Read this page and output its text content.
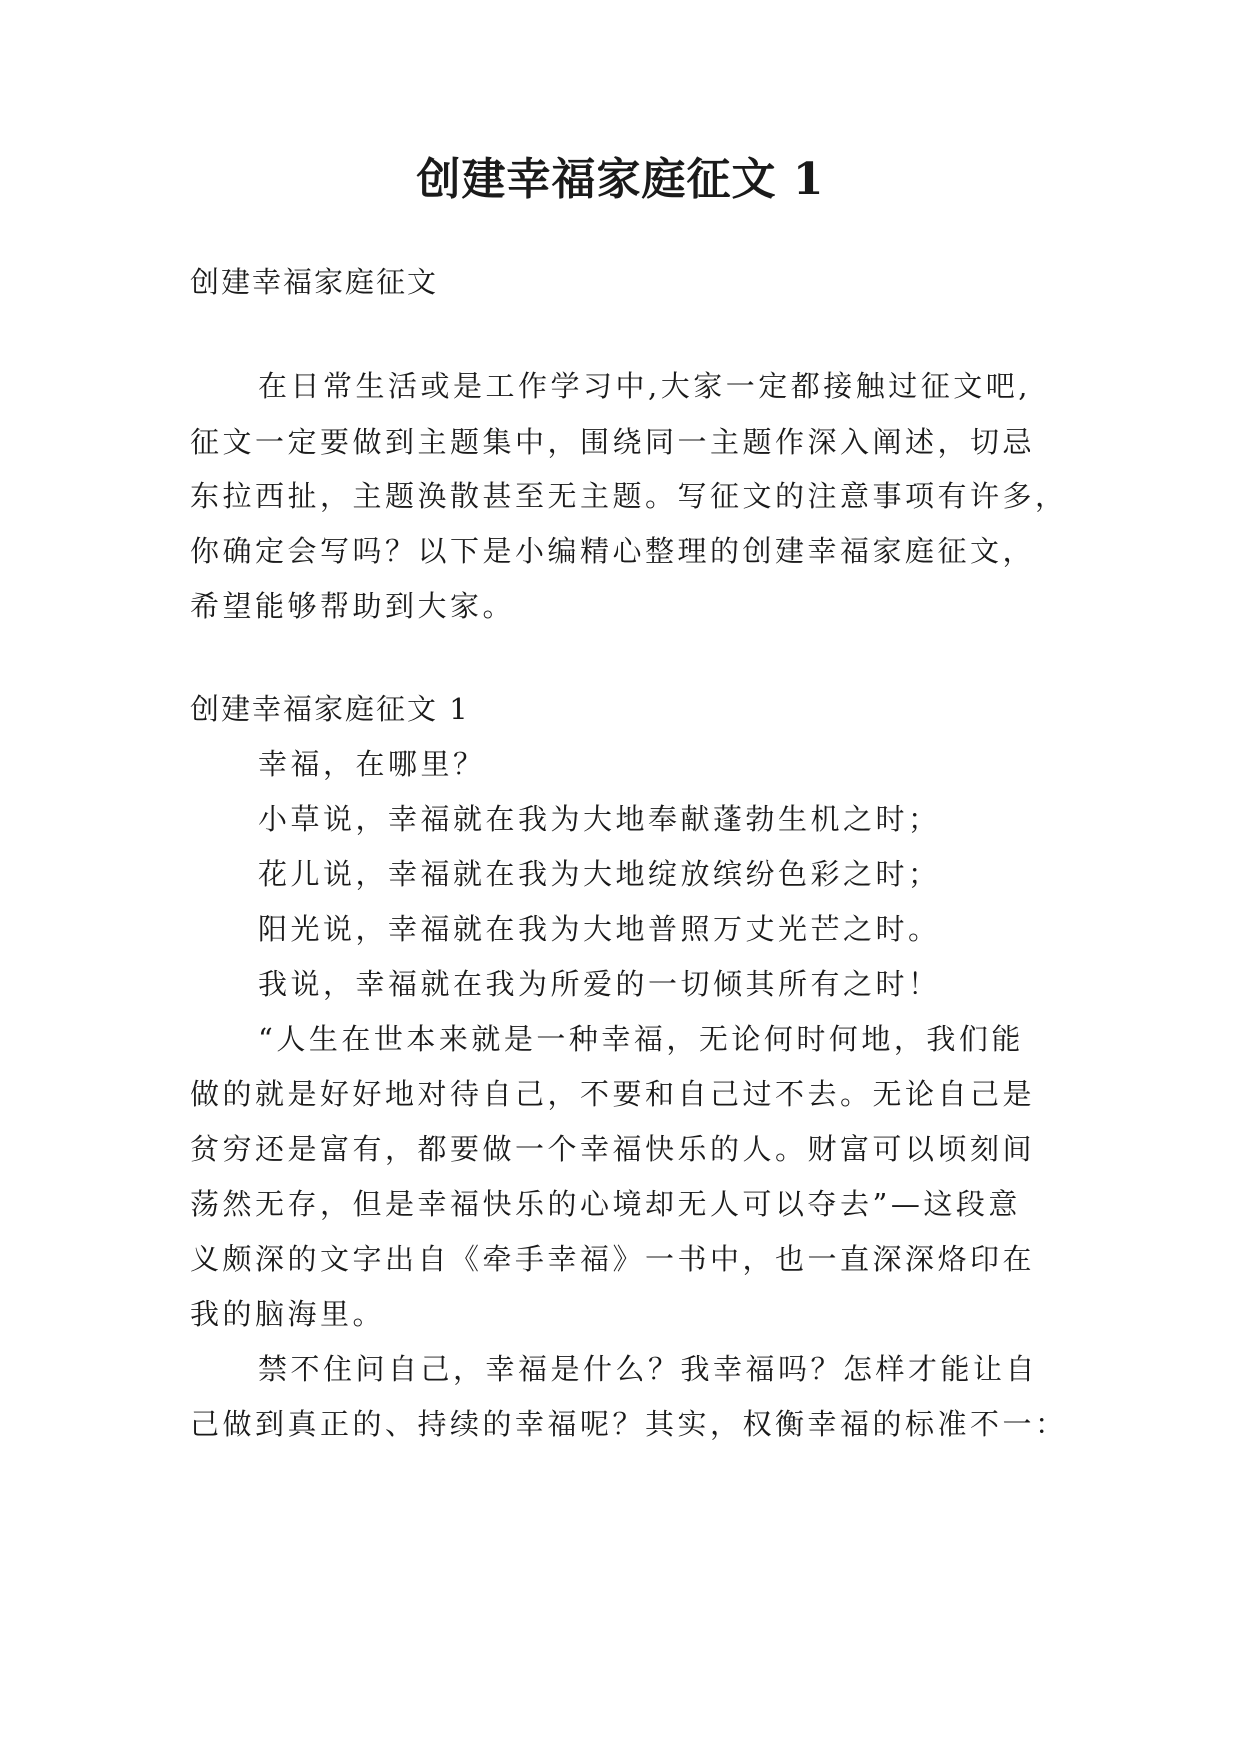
创建幸福家庭征文 1
创建幸福家庭征文
在日常生活或是工作学习中,大家一定都接触过征文吧,
征文一定要做到主题集中，围绕同一主题作深入阐述，切忌
东拉西扯，主题涣散甚至无主题。写征文的注意事项有许多，
你确定会写吗？以下是小编精心整理的创建幸福家庭征文，
希望能够帮助到大家。
创建幸福家庭征文 1
幸福，在哪里？
小草说，幸福就在我为大地奉献蓬勃生机之时；
花儿说，幸福就在我为大地绽放缤纷色彩之时；
阳光说，幸福就在我为大地普照万丈光芒之时。
我说，幸福就在我为所爱的一切倾其所有之时！
“人生在世本来就是一种幸福，无论何时何地，我们能
做的就是好好地对待自己，不要和自己过不去。无论自己是
贫穷还是富有，都要做一个幸福快乐的人。财富可以顷刻间
荡然无存，但是幸福快乐的心境却无人可以夺去”—这段意
义颇深的文字出自《牵手幸福》一书中，也一直深深烙印在
我的脑海里。
禁不住问自己，幸福是什么？我幸福吗？怎样才能让自
己做到真正的、持续的幸福呢？其实，权衡幸福的标准不一：
